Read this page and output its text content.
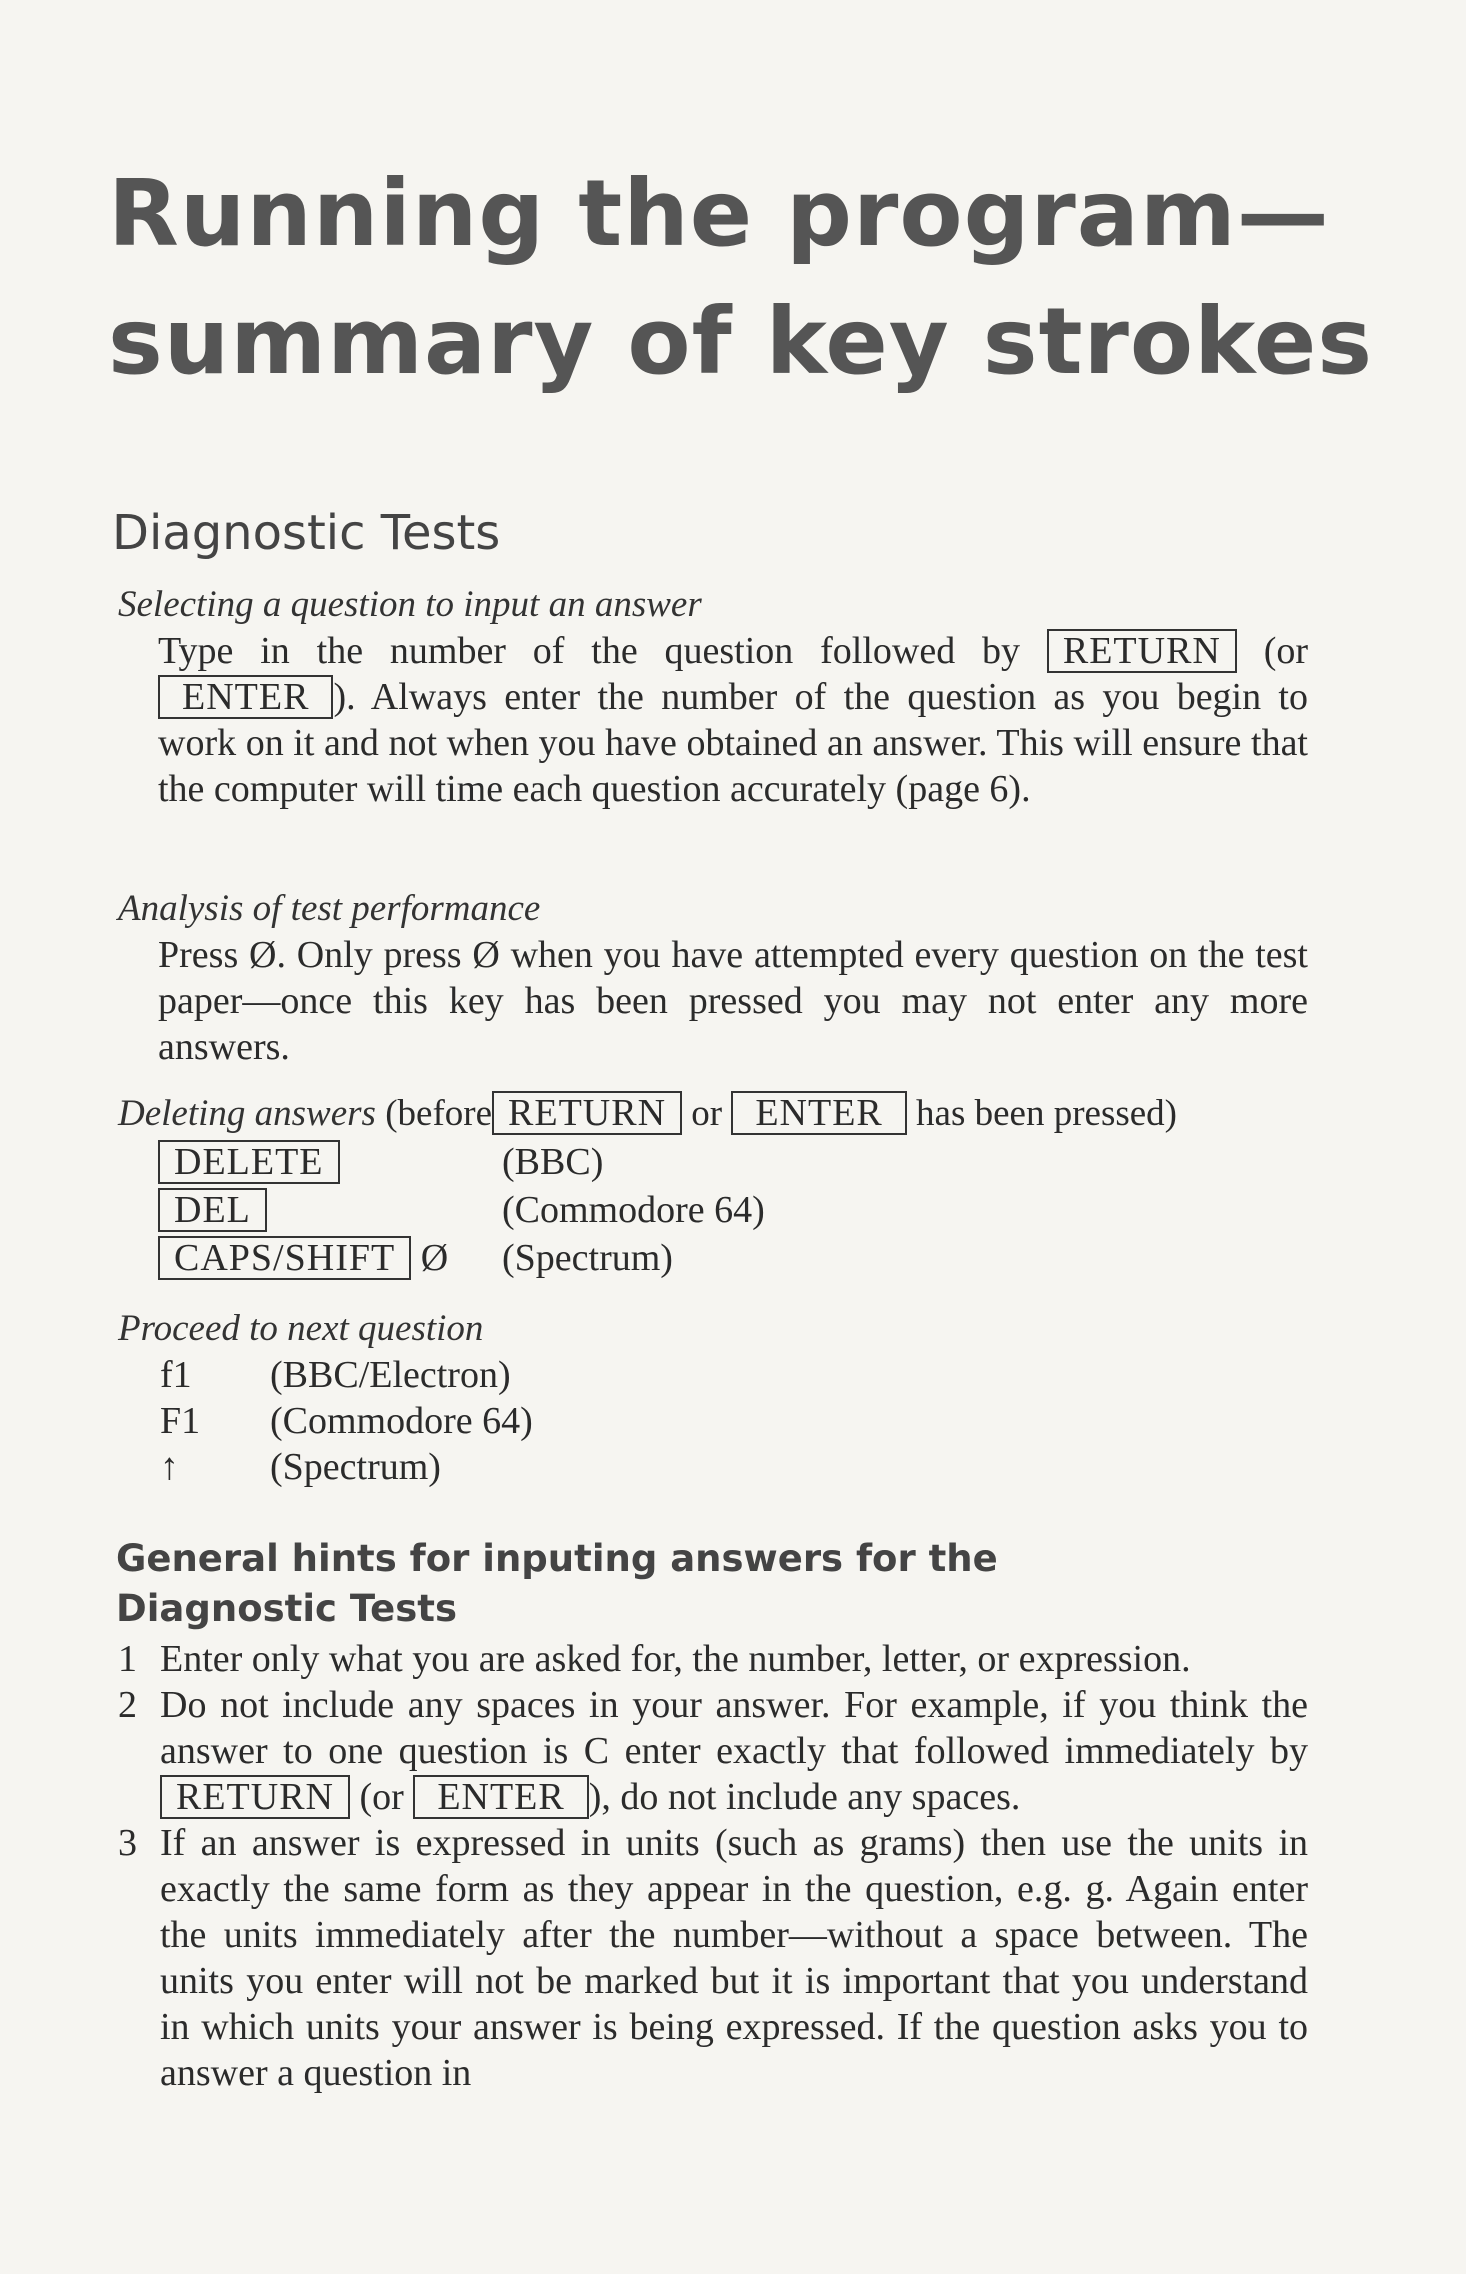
Running the program—
summary of key strokes
Diagnostic Tests
Selecting a question to input an answer
Type in the number of the question followed by RETURN (or ENTER ). Always enter the number of the question as you begin to work on it and not when you have obtained an answer. This will ensure that the computer will time each question accurately (page 6).
Analysis of test performance
Press Ø. Only press Ø when you have attempted every question on the test paper—once this key has been pressed you may not enter any more answers.
Deleting answers (before RETURN or ENTER has been pressed)
DELETE	(BBC)
DEL	(Commodore 64)
CAPS/SHIFT Ø	(Spectrum)
Proceed to next question
f1	(BBC/Electron)
F1	(Commodore 64)
↑	(Spectrum)
General hints for inputing answers for the
Diagnostic Tests
1 Enter only what you are asked for, the number, letter, or expression.
2 Do not include any spaces in your answer. For example, if you think the answer to one question is C enter exactly that followed immediately by RETURN (or ENTER ), do not include any spaces.
3 If an answer is expressed in units (such as grams) then use the units in exactly the same form as they appear in the question, e.g. g. Again enter the units immediately after the number—without a space between. The units you enter will not be marked but it is important that you understand in which units your answer is being expressed. If the question asks you to answer a question in
